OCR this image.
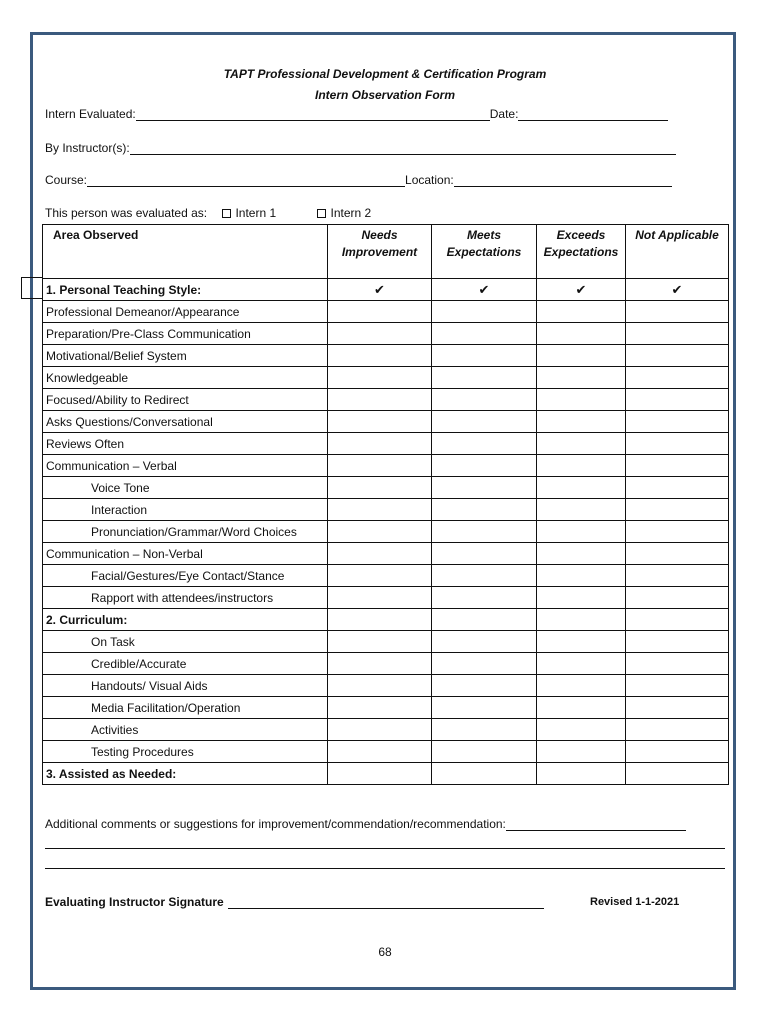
TAPT Professional Development & Certification Program
Intern Observation Form
Intern Evaluated:	Date:
By Instructor(s):
Course:	Location:
This person was evaluated as: Intern 1	Intern 2
Area Observed	Needs Improvement	Meets Expectations	Exceeds Expectations	Not Applicable
1. Personal Teaching Style:	✔	✔	✔	✔
Professional Demeanor/Appearance				
Preparation/Pre-Class Communication				
Motivational/Belief System				
Knowledgeable				
Focused/Ability to Redirect				
Asks Questions/Conversational				
Reviews Often				
Communication – Verbal				
Voice Tone				
Interaction				
Pronunciation/Grammar/Word Choices				
Communication – Non-Verbal				
Facial/Gestures/Eye Contact/Stance				
Rapport with attendees/instructors				
2. Curriculum:				
On Task				
Credible/Accurate				
Handouts/ Visual Aids				
Media Facilitation/Operation				
Activities				
Testing Procedures				
3. Assisted as Needed:				
Additional comments or suggestions for improvement/commendation/recommendation:
Evaluating Instructor Signature	Revised 1-1-2021
68
